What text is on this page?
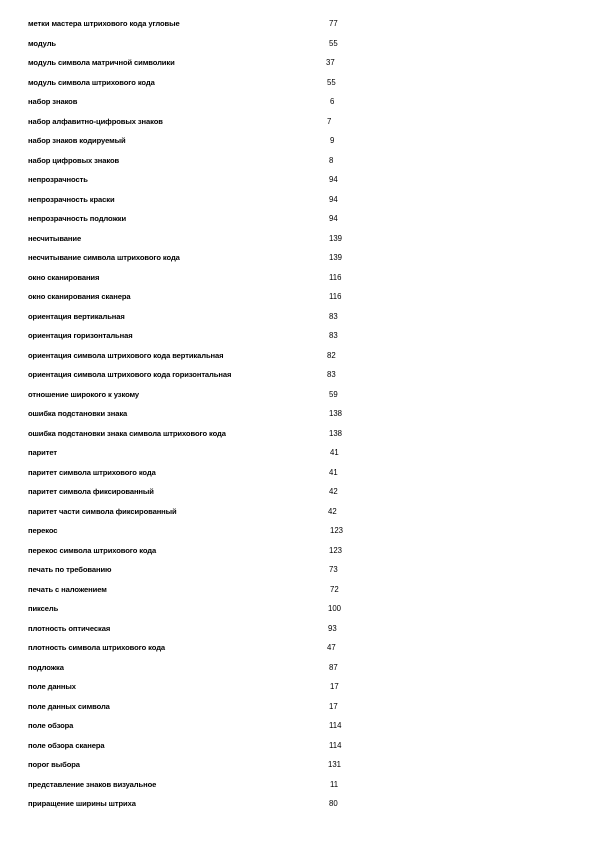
метки мастера штрихового кода угловые	77
модуль	55
модуль символа матричной символики	37
модуль символа штрихового кода	55
набор знаков	6
набор алфавитно-цифровых знаков	7
набор знаков кодируемый	9
набор цифровых знаков	8
непрозрачность	94
непрозрачность краски	94
непрозрачность подложки	94
несчитывание	139
несчитывание символа штрихового кода	139
окно сканирования	116
окно сканирования сканера	116
ориентация вертикальная	83
ориентация горизонтальная	83
ориентация символа штрихового кода вертикальная	82
ориентация символа штрихового кода горизонтальная	83
отношение широкого к узкому	59
ошибка подстановки знака	138
ошибка подстановки знака символа штрихового кода	138
паритет	41
паритет символа штрихового кода	41
паритет символа фиксированный	42
паритет части символа фиксированный	42
перекос	123
перекос символа штрихового кода	123
печать по требованию	73
печать с наложением	72
пиксель	100
плотность оптическая	93
плотность символа штрихового кода	47
подложка	87
поле данных	17
поле данных символа	17
поле обзора	114
поле обзора сканера	114
порог выбора	131
представление знаков визуальное	11
приращение ширины штриха	80
